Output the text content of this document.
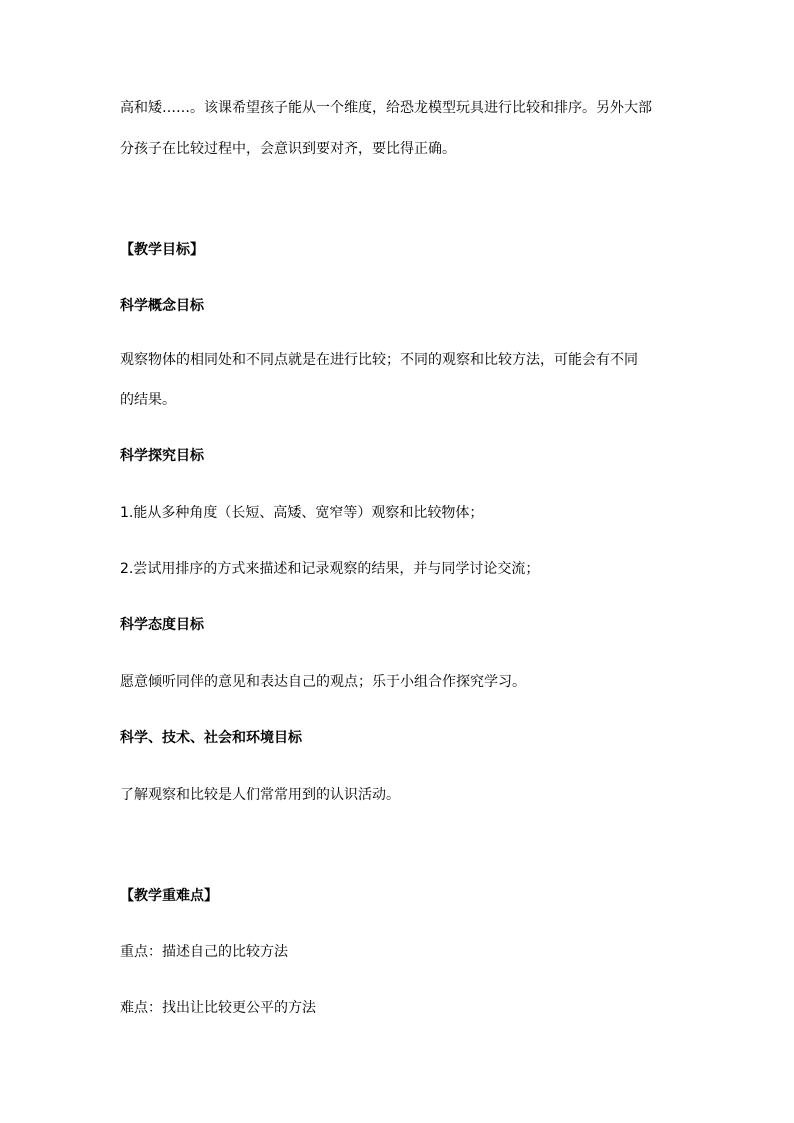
高和矮……。该课希望孩子能从一个维度，给恐龙模型玩具进行比较和排序。另外大部
分孩子在比较过程中，会意识到要对齐，要比得正确。
【教学目标】
科学概念目标
观察物体的相同处和不同点就是在进行比较；不同的观察和比较方法，可能会有不同
的结果。
科学探究目标
1.能从多种角度（长短、高矮、宽窄等）观察和比较物体；
2.尝试用排序的方式来描述和记录观察的结果，并与同学讨论交流；
科学态度目标
愿意倾听同伴的意见和表达自己的观点；乐于小组合作探究学习。
科学、技术、社会和环境目标
了解观察和比较是人们常常用到的认识活动。
【教学重难点】
重点：描述自己的比较方法
难点：找出让比较更公平的方法
